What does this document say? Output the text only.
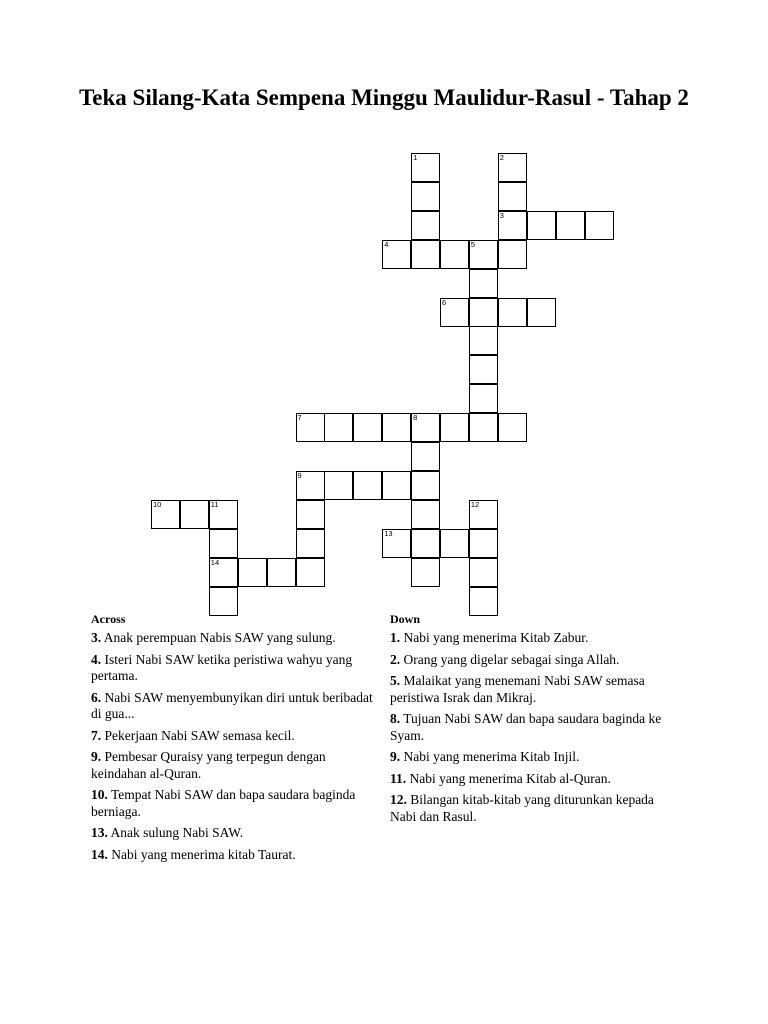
Teka Silang-Kata Sempena Minggu Maulidur-Rasul - Tahap 2
1	2
3
4	5
6
7	8
9
10	11	12
13
14
Across
3. Anak perempuan Nabis SAW yang sulung.
4. Isteri Nabi SAW ketika peristiwa wahyu yang pertama.
6. Nabi SAW menyembunyikan diri untuk beribadat di gua...
7. Pekerjaan Nabi SAW semasa kecil.
9. Pembesar Quraisy yang terpegun dengan keindahan al-Quran.
10. Tempat Nabi SAW dan bapa saudara baginda berniaga.
13. Anak sulung Nabi SAW.
14. Nabi yang menerima kitab Taurat.
Down
1. Nabi yang menerima Kitab Zabur.
2. Orang yang digelar sebagai singa Allah.
5. Malaikat yang menemani Nabi SAW semasa peristiwa Israk dan Mikraj.
8. Tujuan Nabi SAW dan bapa saudara baginda ke Syam.
9. Nabi yang menerima Kitab Injil.
11. Nabi yang menerima Kitab al-Quran.
12. Bilangan kitab-kitab yang diturunkan kepada Nabi dan Rasul.
